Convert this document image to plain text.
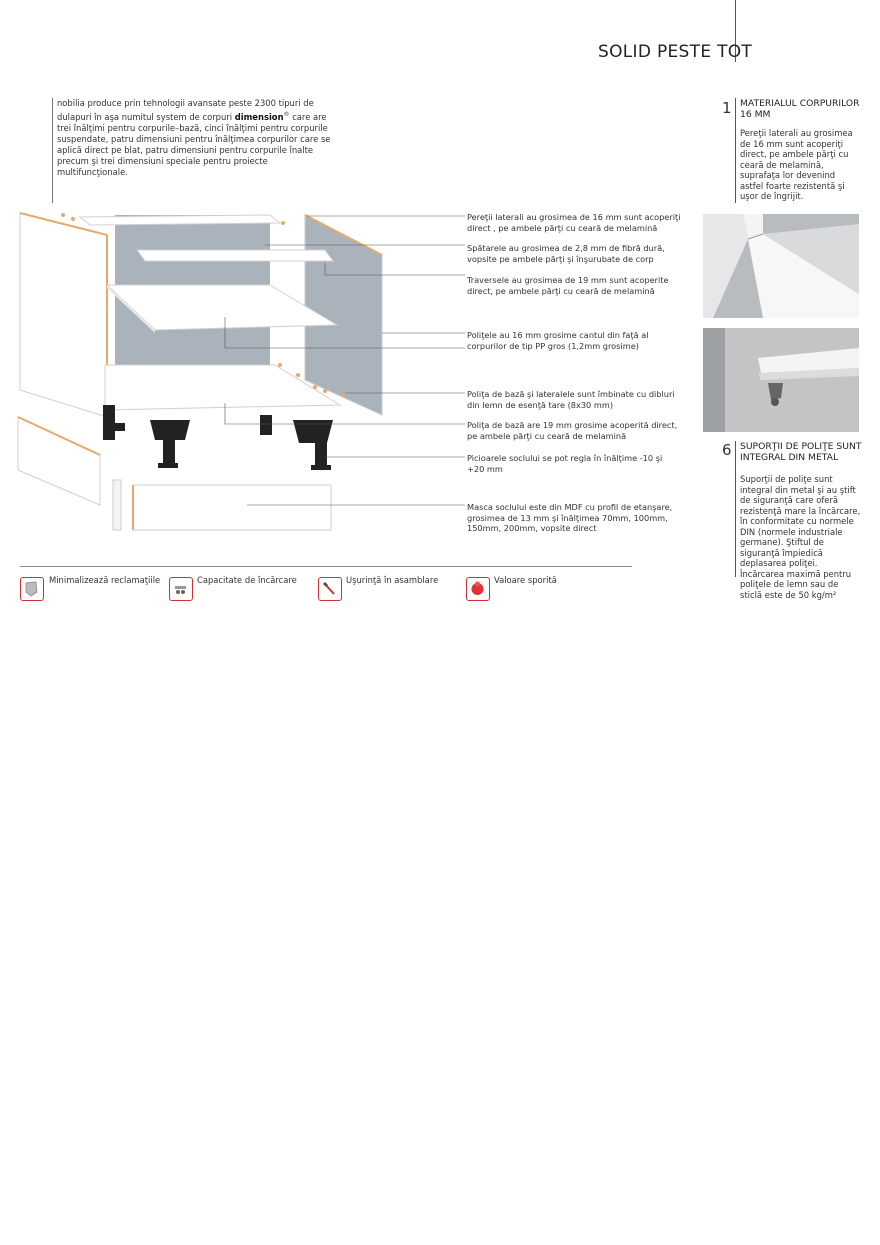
SOLID PESTE TOT
nobilia produce prin tehnologii avansate peste 2300 tipuri de dulapuri în aşa numitul system de corpuri dimension® care are trei înălţimi pentru corpurile–bază, cinci înălţimi pentru corpurile suspendate, patru dimensiuni pentru înălţimea corpurilor care se aplică direct pe blat, patru dimensiuni pentru corpurile înalte precum şi trei dimensiuni speciale pentru proiecte multifuncţionale.
Pereţii laterali au grosimea de 16 mm sunt acoperiţi direct , pe ambele părţi cu ceară de melamină
Spătarele au grosimea de 2,8 mm de fibră dură, vopsite pe ambele părţi şi înşurubate de corp
Traversele au grosimea de 19 mm sunt acoperite direct, pe ambele părţi cu ceară de melamină
Poliţele au 16 mm grosime cantul din faţă al corpurilor de tip PP gros (1,2mm grosime)
Poliţa de bază şi lateralele sunt îmbinate cu dibluri din lemn de esenţă tare (8x30 mm)
Poliţa de bază are 19 mm grosime acoperită direct, pe ambele părţi cu ceară de melamină
Picioarele soclului se pot regla în înălţime -10 şi +20 mm
Masca soclului este din MDF cu profil de etanşare, grosimea de 13 mm şi înălţimea 70mm, 100mm, 150mm, 200mm, vopsite direct
1 MATERIALUL CORPURILOR 16 MM
Pereţii laterali au grosimea de 16 mm sunt acoperiţi direct, pe ambele părţi cu ceară de melamină, suprafaţa lor devenind astfel foarte rezistentă şi uşor de îngrijit.
6 SUPORŢII DE POLIŢE SUNT INTEGRAL DIN METAL
Suporţii de poliţe sunt integral din metal şi au ştift de siguranţă care oferă rezistenţă mare la încărcare, în conformitate cu normele DIN (normele industriale germane). Ştiftul de siguranţă împiedică deplasarea poliţei. Încărcarea maximă pentru poliţele de lemn sau de sticlă este de 50 kg/m²
Minimalizează reclamaţiile	Capacitate de încărcare	Uşurinţă în asamblare	Valoare sporită
